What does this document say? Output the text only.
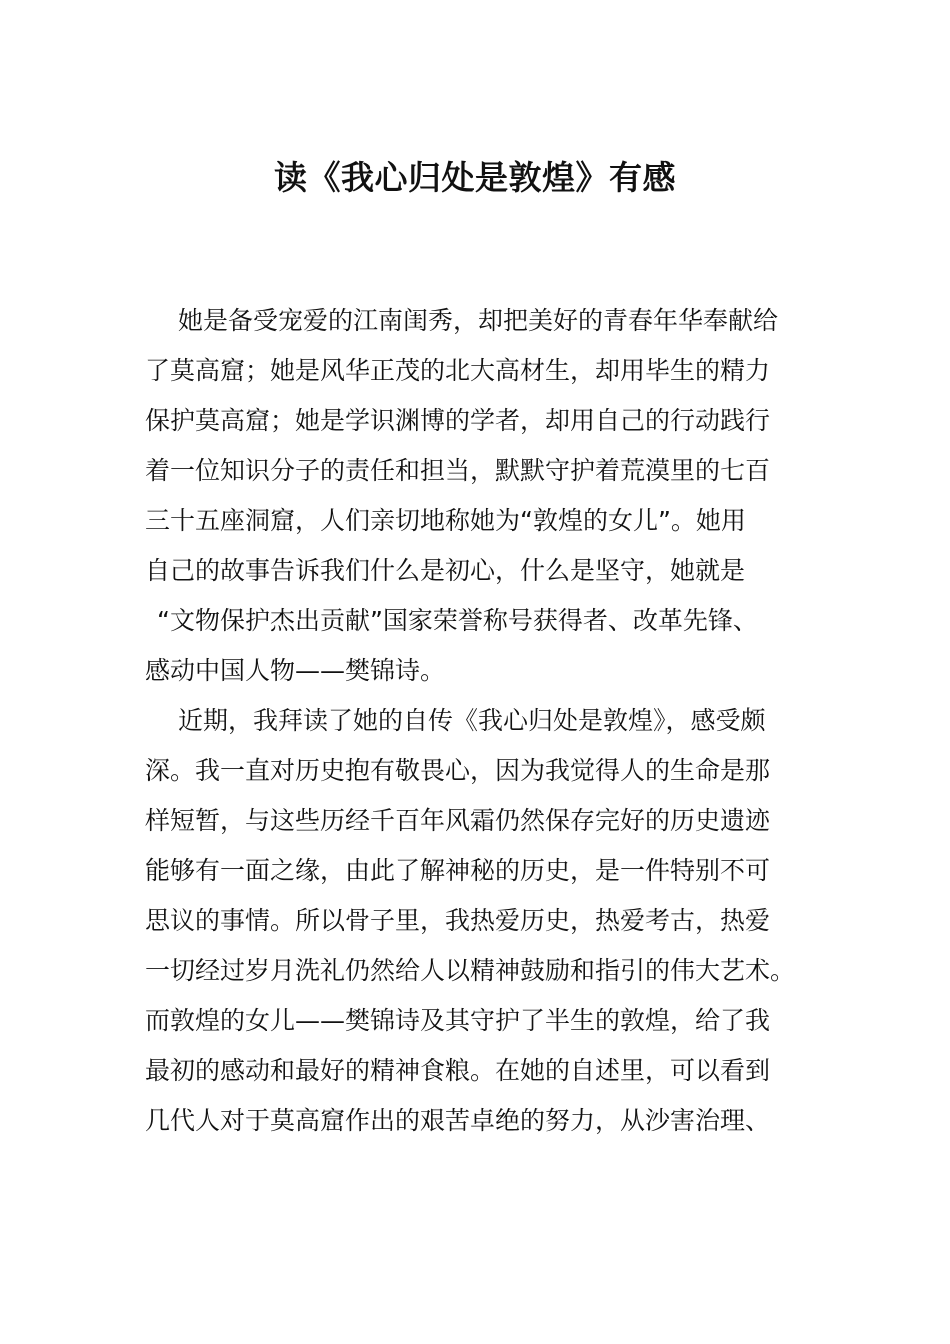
读《我心归处是敦煌》有感
她是备受宠爱的江南闺秀，却把美好的青春年华奉献给
了莫高窟；她是风华正茂的北大高材生，却用毕生的精力
保护莫高窟；她是学识渊博的学者，却用自己的行动践行
着一位知识分子的责任和担当，默默守护着荒漠里的七百
三十五座洞窟，人们亲切地称她为“敦煌的女儿”。她用
自己的故事告诉我们什么是初心，什么是坚守，她就是
“文物保护杰出贡献”国家荣誉称号获得者、改革先锋、
感动中国人物——樊锦诗。
近期，我拜读了她的自传《我心归处是敦煌》，感受颇
深。我一直对历史抱有敬畏心，因为我觉得人的生命是那
样短暂，与这些历经千百年风霜仍然保存完好的历史遗迹
能够有一面之缘，由此了解神秘的历史，是一件特别不可
思议的事情。所以骨子里，我热爱历史，热爱考古，热爱
一切经过岁月洗礼仍然给人以精神鼓励和指引的伟大艺术。
而敦煌的女儿——樊锦诗及其守护了半生的敦煌，给了我
最初的感动和最好的精神食粮。在她的自述里，可以看到
几代人对于莫高窟作出的艰苦卓绝的努力，从沙害治理、
